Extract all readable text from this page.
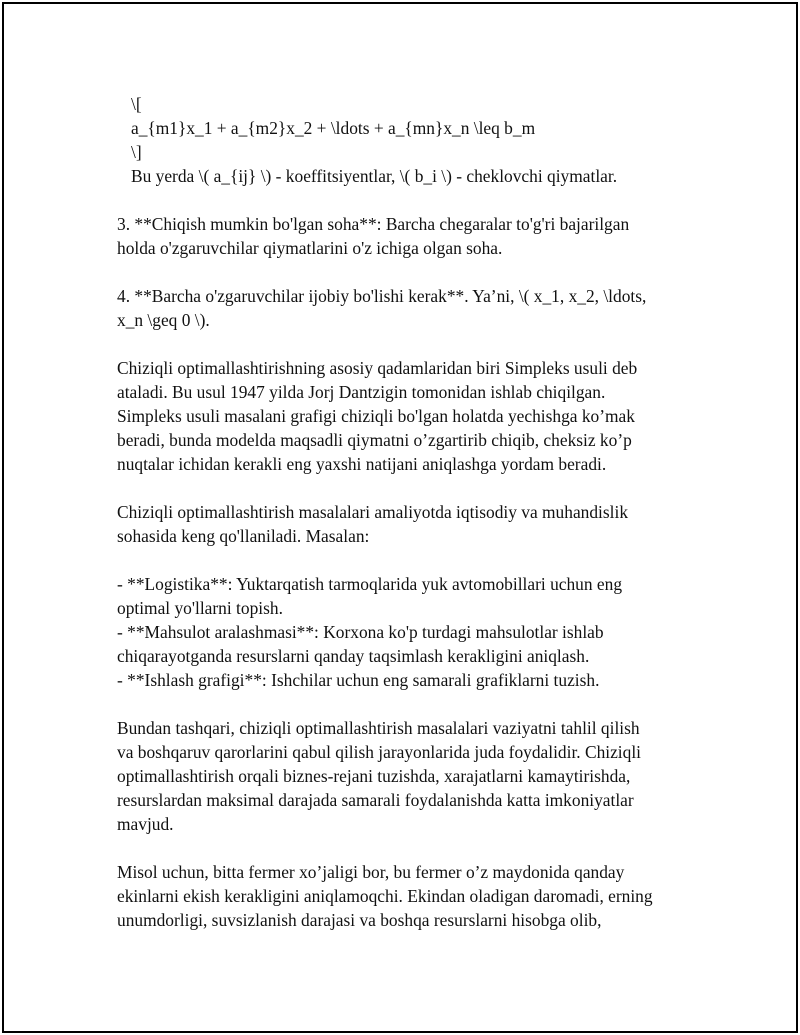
\[
a_{m1}x_1 + a_{m2}x_2 + \ldots + a_{mn}x_n \leq b_m
\]
Bu yerda \( a_{ij} \) - koeffitsiyentlar, \( b_i \) - cheklovchi qiymatlar.
3. **Chiqish mumkin bo'lgan soha**: Barcha chegaralar to'g'ri bajarilgan
holda o'zgaruvchilar qiymatlarini o'z ichiga olgan soha.
4. **Barcha o'zgaruvchilar ijobiy bo'lishi kerak**. Ya’ni, \( x_1, x_2, \ldots,
x_n \geq 0 \).
Chiziqli optimallashtirishning asosiy qadamlaridan biri Simpleks usuli deb
ataladi. Bu usul 1947 yilda Jorj Dantzigin tomonidan ishlab chiqilgan.
Simpleks usuli masalani grafigi chiziqli bo'lgan holatda yechishga ko’mak
beradi, bunda modelda maqsadli qiymatni o’zgartirib chiqib, cheksiz ko’p
nuqtalar ichidan kerakli eng yaxshi natijani aniqlashga yordam beradi.
Chiziqli optimallashtirish masalalari amaliyotda iqtisodiy va muhandislik
sohasida keng qo'llaniladi. Masalan:
- **Logistika**: Yuktarqatish tarmoqlarida yuk avtomobillari uchun eng
optimal yo'llarni topish.
- **Mahsulot aralashmasi**: Korxona ko'p turdagi mahsulotlar ishlab
chiqarayotganda resurslarni qanday taqsimlash kerakligini aniqlash.
- **Ishlash grafigi**: Ishchilar uchun eng samarali grafiklarni tuzish.
Bundan tashqari, chiziqli optimallashtirish masalalari vaziyatni tahlil qilish
va boshqaruv qarorlarini qabul qilish jarayonlarida juda foydalidir. Chiziqli
optimallashtirish orqali biznes-rejani tuzishda, xarajatlarni kamaytirishda,
resurslardan maksimal darajada samarali foydalanishda katta imkoniyatlar
mavjud.
Misol uchun, bitta fermer xo’jaligi bor, bu fermer o’z maydonida qanday
ekinlarni ekish kerakligini aniqlamoqchi. Ekindan oladigan daromadi, erning
unumdorligi, suvsizlanish darajasi va boshqa resurslarni hisobga olib,
